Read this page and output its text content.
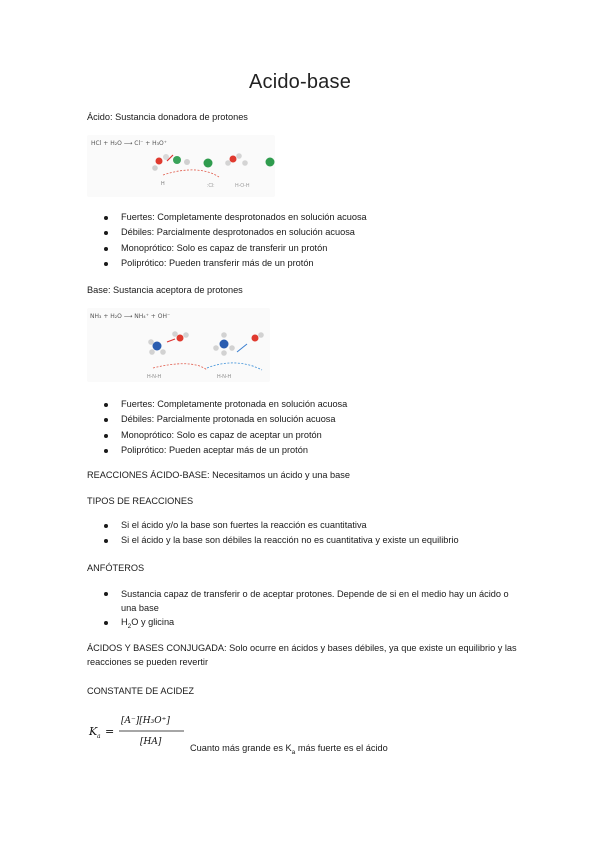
Acido-base
Ácido: Sustancia donadora de protones
HCl + H₂O ⟶ Cl⁻ + H₃O⁺
H	:Cl:	H‑O‑H
Fuertes: Completamente desprotonados en solución acuosa
Débiles: Parcialmente desprotonados en solución acuosa
Monoprótico: Solo es capaz de transferir un protón
Poliprótico: Pueden transferir más de un protón
Base: Sustancia aceptora de protones
NH₃ + H₂O ⟶ NH₄⁺ + OH⁻
H‑N‑H	H‑N‑H
Fuertes: Completamente protonada en solución acuosa
Débiles: Parcialmente protonada en solución acuosa
Monoprótico: Solo es capaz de aceptar un protón
Poliprótico: Pueden aceptar más de un protón
REACCIONES ÁCIDO-BASE: Necesitamos un ácido y una base
TIPOS DE REACCIONES
Si el ácido y/o la base son fuertes la reacción es cuantitativa
Si el ácido y la base son débiles la reacción no es cuantitativa y existe un equilibrio
ANFÓTEROS
Sustancia capaz de transferir o de aceptar protones. Depende de si en el medio hay un ácido o una base
$H_2O$ y glicina
ÁCIDOS Y BASES CONJUGADA: Solo ocurre en ácidos y bases débiles, ya que existe un equilibrio y las reacciones se pueden revertir
CONSTANTE DE ACIDEZ
K a =
[A⁻][H₃O⁺]
[HA]
Cuanto más grande es $K_a$ más fuerte es el ácido
